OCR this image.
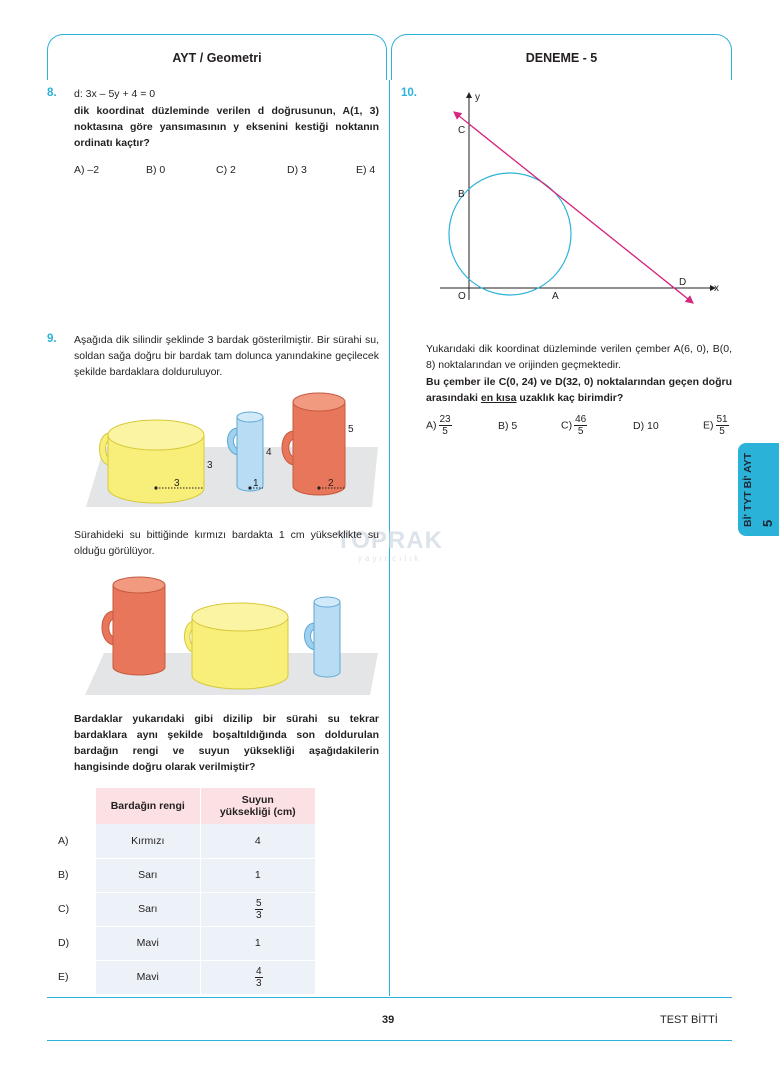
AYT / Geometri	DENEME - 5
Bİ' TYT Bİ' AYT 5
8. d: 3x – 5y + 4 = 0
dik koordinat düzleminde verilen d doğrusunun, A(1, 3) noktasına göre yansımasının y eksenini kestiği noktanın ordinatı kaçtır?
A) –2	B) 0	C) 2	D) 3	E) 4
9. Aşağıda dik silindir şeklinde 3 bardak gösterilmiştir. Bir sürahi su, soldan sağa doğru bir bardak tam dolunca yanındakine geçilecek şekilde bardaklara dolduruluyor.
3
3
1
4
2
5
TOPRAK
yayıncılık
Sürahideki su bittiğinde kırmızı bardakta 1 cm yükseklikte su olduğu görülüyor.
Bardaklar yukarıdaki gibi dizilip bir sürahi su tekrar bardaklara aynı şekilde boşaltıldığında son doldurulan bardağın rengi ve suyun yüksekliği aşağıdakilerin hangisinde doğru olarak verilmiştir?
	Bardağın rengi	Suyun
yüksekliği (cm)

A)	Kırmızı	4
B)	Sarı	1
C)	Sarı	$\frac{5}{3}$

D)	Mavi	1
E)	Mavi	$\frac{4}{3}$
10.	y
x
C
B
O	A
D
Yukarıdaki dik koordinat düzleminde verilen çember A(6, 0), B(0, 8) noktalarından ve orijinden geçmektedir.
Bu çember ile C(0, 24) ve D(32, 0) noktalarından geçen doğru arasındaki en kısa uzaklık kaç birimdir?
$A) \frac{23}{5}$	B) 5	$C) \frac{46}{5}$	D) 10	$E) \frac{51}{5}$
39	TEST BİTTİ
